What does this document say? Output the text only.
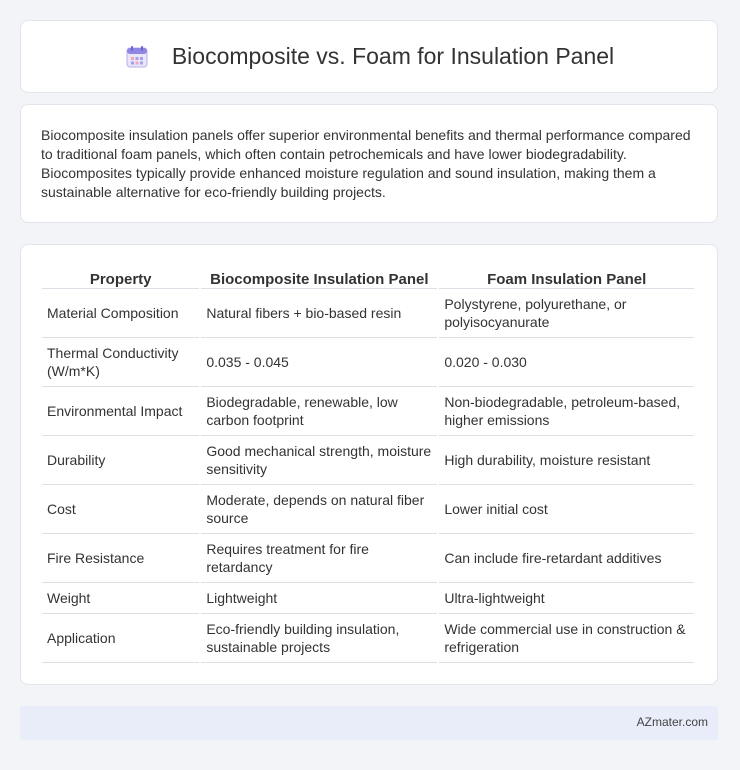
Biocomposite vs. Foam for Insulation Panel

Biocomposite insulation panels offer superior environmental benefits and thermal performance compared to traditional foam panels, which often contain petrochemicals and have lower biodegradability. Biocomposites typically provide enhanced moisture regulation and sound insulation, making them a sustainable alternative for eco-friendly building projects.

Property	Biocomposite Insulation Panel	Foam Insulation Panel
Material Composition	Natural fibers + bio-based resin	Polystyrene, polyurethane, or polyisocyanurate
Thermal Conductivity (W/m*K)	0.035 - 0.045	0.020 - 0.030
Environmental Impact	Biodegradable, renewable, low carbon footprint	Non-biodegradable, petroleum-based, higher emissions
Durability	Good mechanical strength, moisture sensitivity	High durability, moisture resistant
Cost	Moderate, depends on natural fiber source	Lower initial cost
Fire Resistance	Requires treatment for fire retardancy	Can include fire-retardant additives
Weight	Lightweight	Ultra-lightweight
Application	Eco-friendly building insulation, sustainable projects	Wide commercial use in construction & refrigeration
AZmater.com
